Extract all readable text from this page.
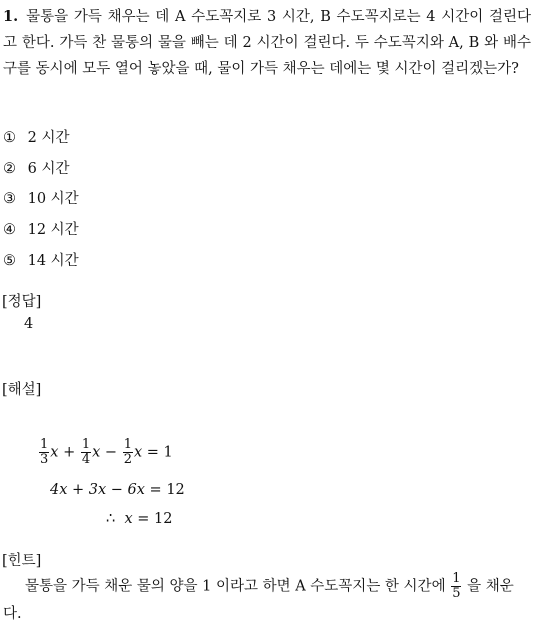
1. 물통을 가득 채우는 데 A 수도꼭지로 3 시간, B 수도꼭지로는 4 시간이 걸린다고 한다. 가득 찬 물통의 물을 빼는 데 2 시간이 걸린다. 두 수도꼭지와 A, B 와 배수구를 동시에 모두 열어 놓았을 때, 물이 가득 채우는 데에는 몇 시간이 걸리겠는가?
① 2 시간
② 6 시간
③ 10 시간
④ 12 시간
⑤ 14 시간
[정답]
4
[해설]
$\frac{1}{3}$ $x + \frac{1}{4}$ $x - \frac{1}{2}$ x = 1
4x + 3x − 6x = 12
∴ x = 12
[힌트]
물통을 가득 채운 물의 양을 1 이라고 하면 A 수도꼭지는 한 시간에 $\frac{1}{5}$ 을 채운다.
